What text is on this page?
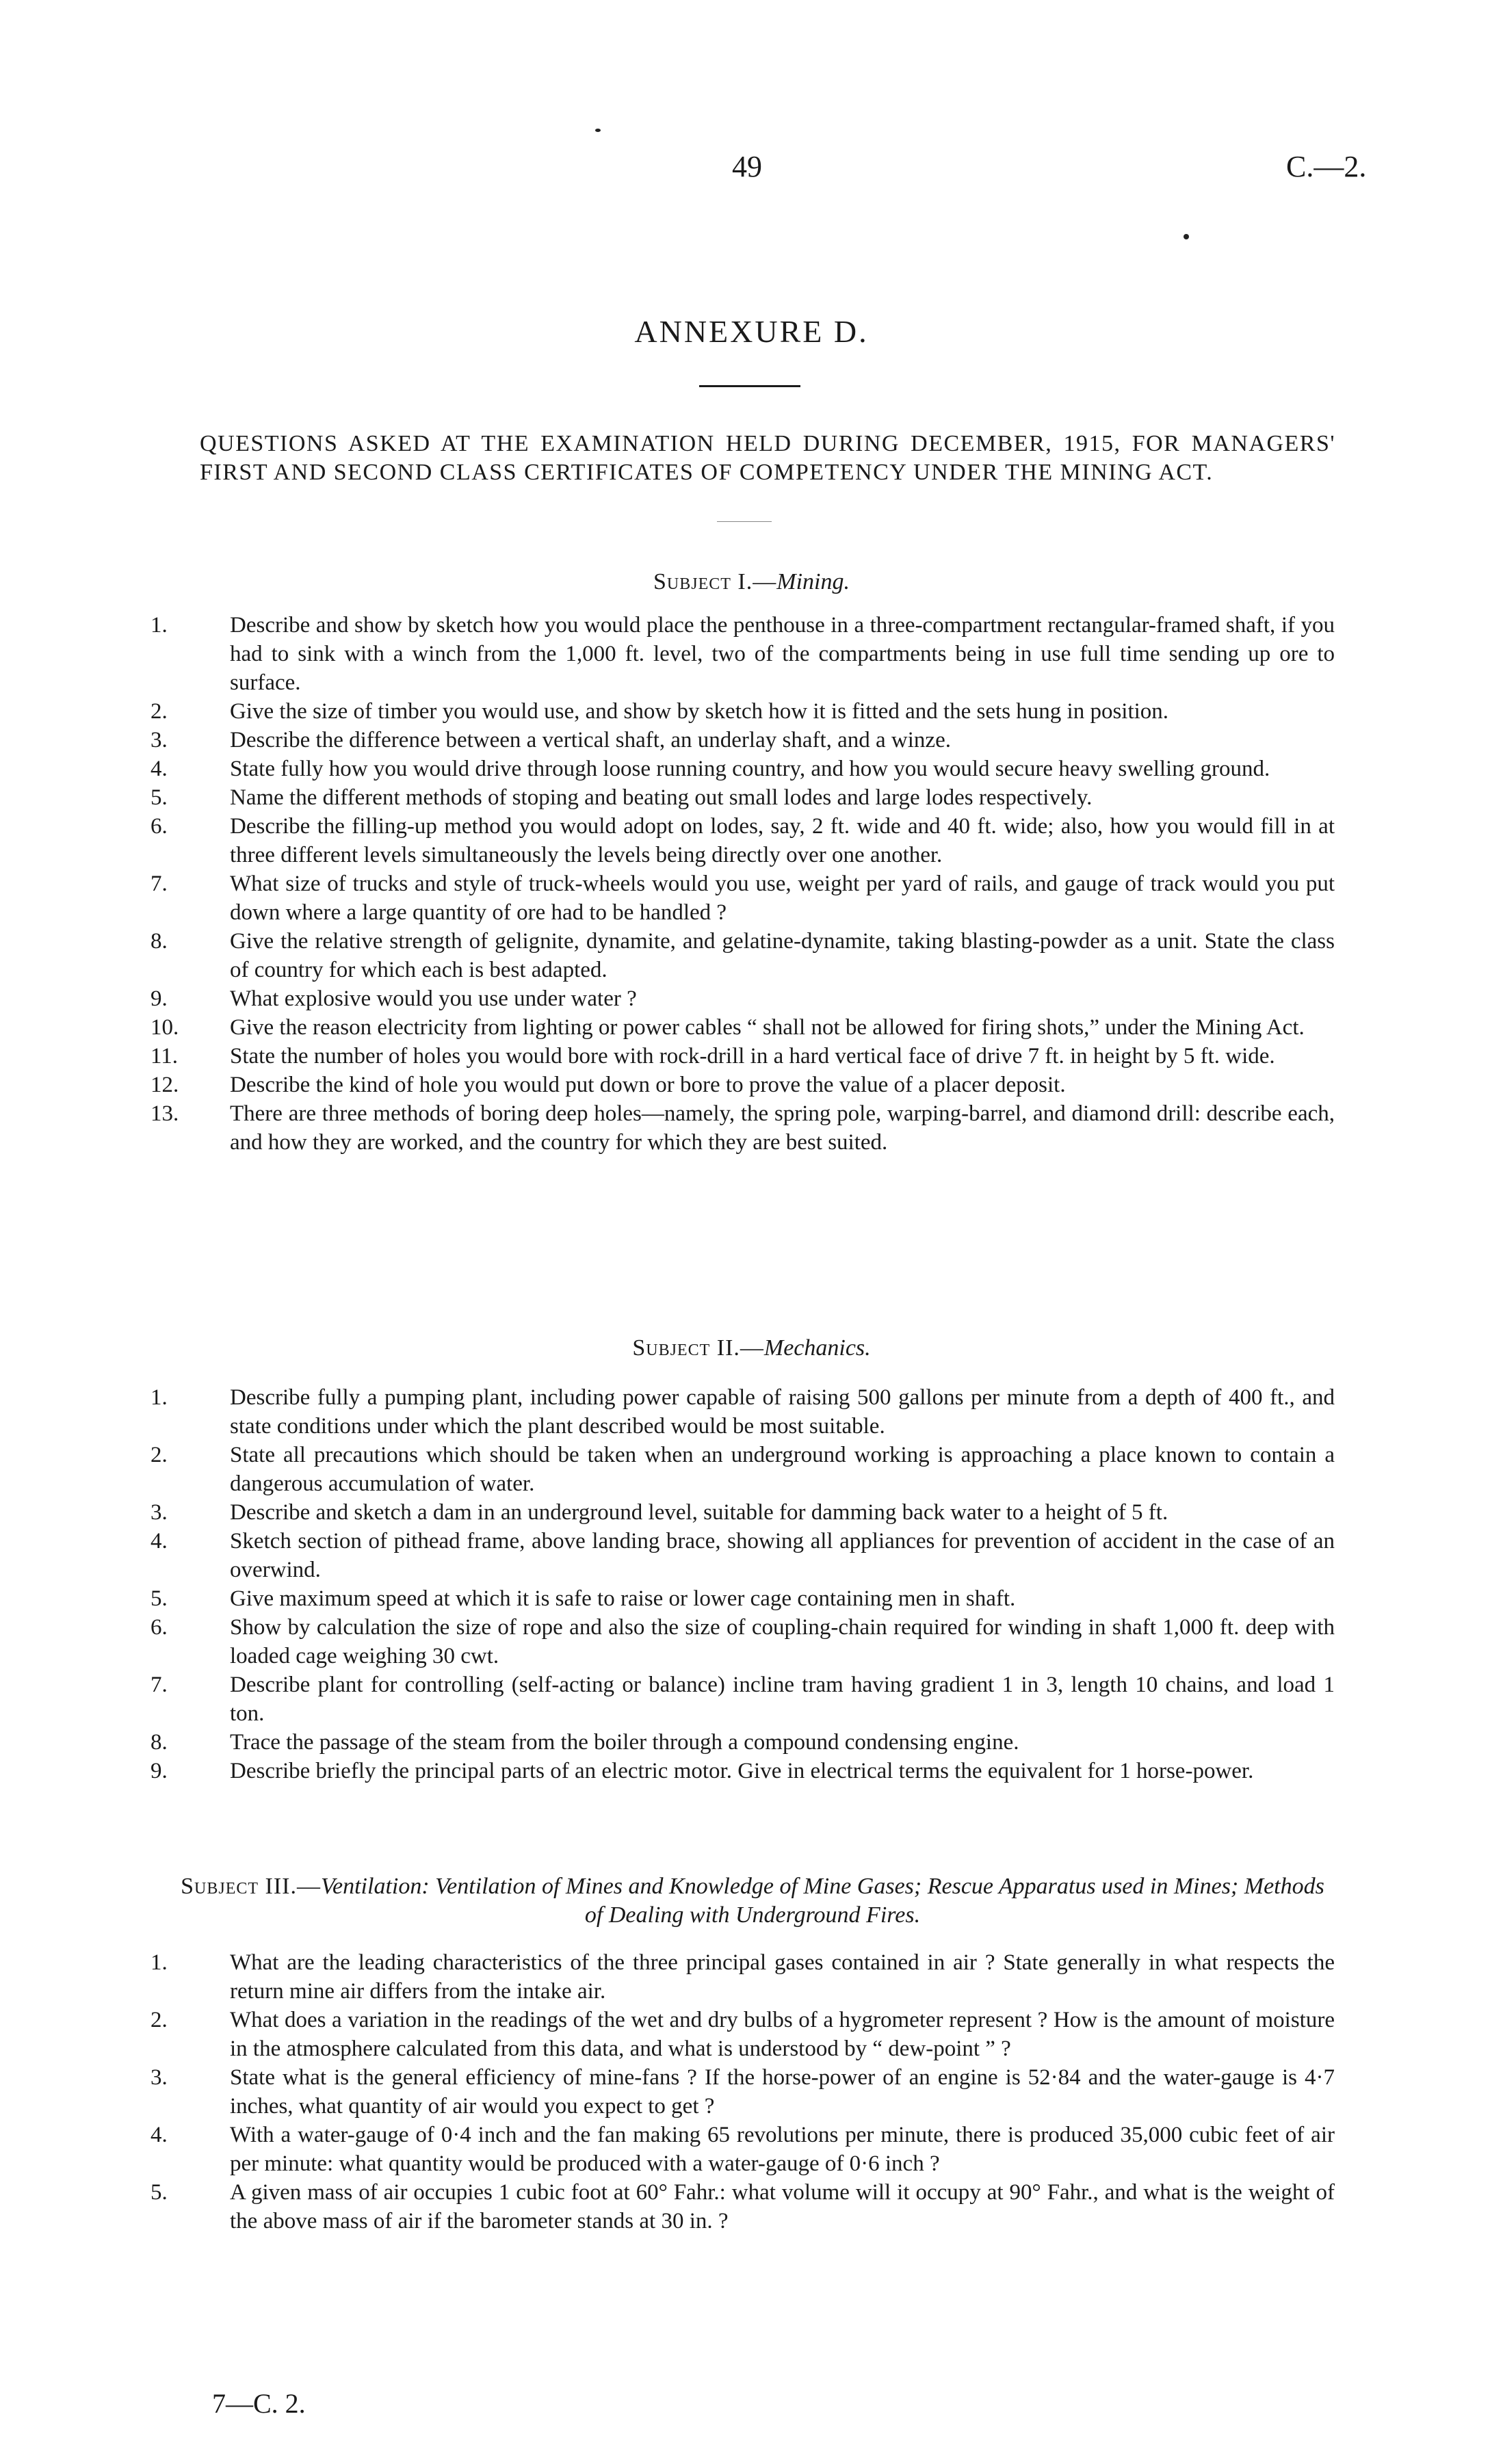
49	C.—2.
ANNEXURE D.
QUESTIONS ASKED AT THE EXAMINATION HELD DURING DECEMBER, 1915, FOR MANAGERS' FIRST AND SECOND CLASS CERTIFICATES OF COMPETENCY UNDER THE MINING ACT.
Subject I.—Mining.
1.	Describe and show by sketch how you would place the penthouse in a three-compartment rectangular-framed shaft, if you had to sink with a winch from the 1,000 ft. level, two of the compartments being in use full time sending up ore to surface.
2.	Give the size of timber you would use, and show by sketch how it is fitted and the sets hung in position.
3.	Describe the difference between a vertical shaft, an underlay shaft, and a winze.
4.	State fully how you would drive through loose running country, and how you would secure heavy swelling ground.
5.	Name the different methods of stoping and beating out small lodes and large lodes respectively.
6.	Describe the filling-up method you would adopt on lodes, say, 2 ft. wide and 40 ft. wide; also, how you would fill in at three different levels simultaneously the levels being directly over one another.
7.	What size of trucks and style of truck-wheels would you use, weight per yard of rails, and gauge of track would you put down where a large quantity of ore had to be handled ?
8.	Give the relative strength of gelignite, dynamite, and gelatine-dynamite, taking blasting-powder as a unit. State the class of country for which each is best adapted.
9.	What explosive would you use under water ?
10.	Give the reason electricity from lighting or power cables “ shall not be allowed for firing shots,” under the Mining Act.
11.	State the number of holes you would bore with rock-drill in a hard vertical face of drive 7 ft. in height by 5 ft. wide.
12.	Describe the kind of hole you would put down or bore to prove the value of a placer deposit.
13.	There are three methods of boring deep holes—namely, the spring pole, warping-barrel, and diamond drill: describe each, and how they are worked, and the country for which they are best suited.
Subject II.—Mechanics.
1.	Describe fully a pumping plant, including power capable of raising 500 gallons per minute from a depth of 400 ft., and state conditions under which the plant described would be most suitable.
2.	State all precautions which should be taken when an underground working is approaching a place known to contain a dangerous accumulation of water.
3.	Describe and sketch a dam in an underground level, suitable for damming back water to a height of 5 ft.
4.	Sketch section of pithead frame, above landing brace, showing all appliances for prevention of accident in the case of an overwind.
5.	Give maximum speed at which it is safe to raise or lower cage containing men in shaft.
6.	Show by calculation the size of rope and also the size of coupling-chain required for winding in shaft 1,000 ft. deep with loaded cage weighing 30 cwt.
7.	Describe plant for controlling (self-acting or balance) incline tram having gradient 1 in 3, length 10 chains, and load 1 ton.
8.	Trace the passage of the steam from the boiler through a compound condensing engine.
9.	Describe briefly the principal parts of an electric motor. Give in electrical terms the equivalent for 1 horse-power.
Subject III.—Ventilation: Ventilation of Mines and Knowledge of Mine Gases; Rescue Apparatus used in Mines; Methods of Dealing with Underground Fires.
1.	What are the leading characteristics of the three principal gases contained in air ? State generally in what respects the return mine air differs from the intake air.
2.	What does a variation in the readings of the wet and dry bulbs of a hygrometer represent ? How is the amount of moisture in the atmosphere calculated from this data, and what is understood by “ dew-point ” ?
3.	State what is the general efficiency of mine-fans ? If the horse-power of an engine is 52·84 and the water-gauge is 4·7 inches, what quantity of air would you expect to get ?
4.	With a water-gauge of 0·4 inch and the fan making 65 revolutions per minute, there is produced 35,000 cubic feet of air per minute: what quantity would be produced with a water-gauge of 0·6 inch ?
5.	A given mass of air occupies 1 cubic foot at 60° Fahr.: what volume will it occupy at 90° Fahr., and what is the weight of the above mass of air if the barometer stands at 30 in. ?
7—C. 2.
